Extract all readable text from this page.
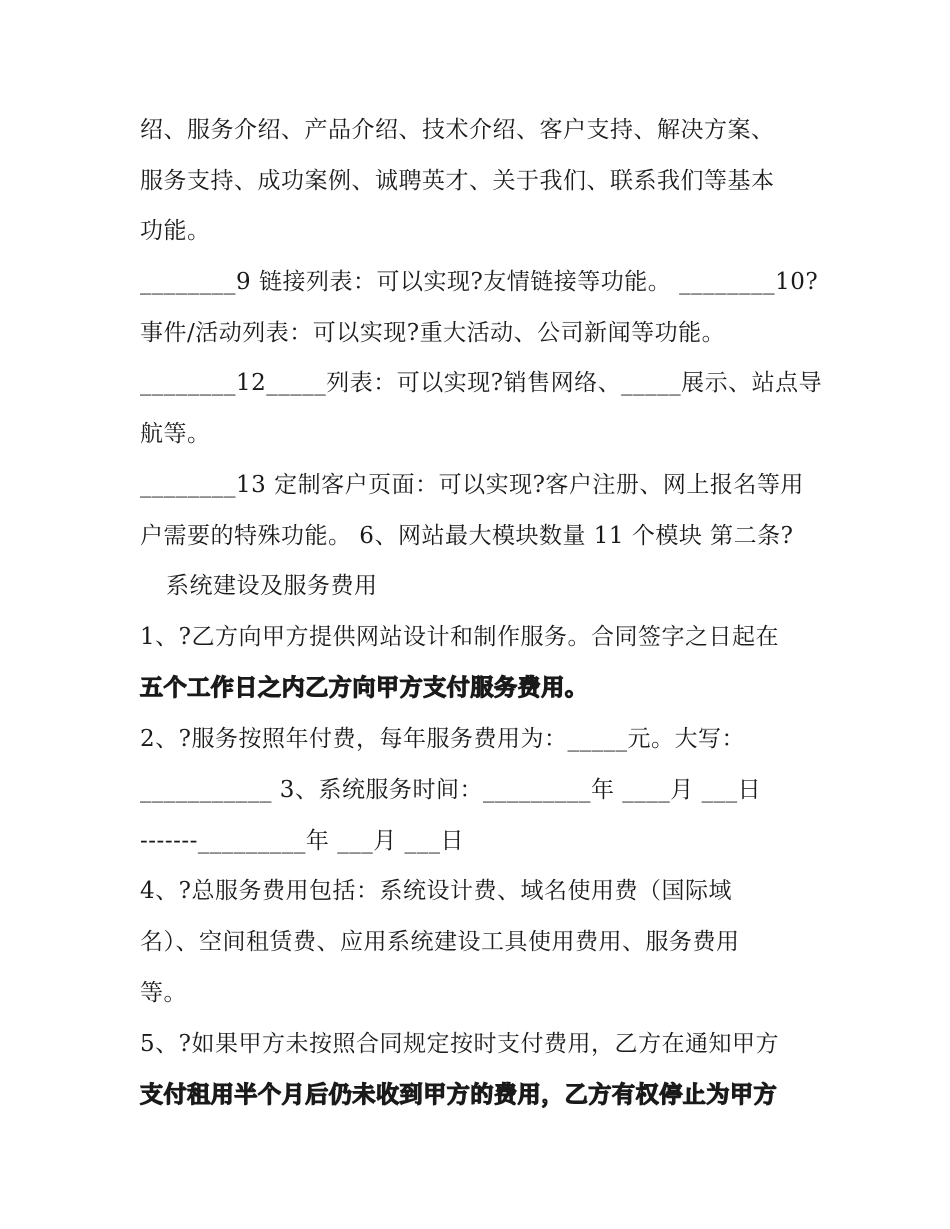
绍、服务介绍、产品介绍、技术介绍、客户支持、解决方案、
服务支持、成功案例、诚聘英才、关于我们、联系我们等基本
功能。
________9 链接列表：可以实现?友情链接等功能。 ________10?
事件/活动列表：可以实现?重大活动、公司新闻等功能。
________12_____列表：可以实现?销售网络、_____展示、站点导
航等。
________13 定制客户页面：可以实现?客户注册、网上报名等用
户需要的特殊功能。 6、网站最大模块数量 11 个模块 第二条?
系统建设及服务费用
1、?乙方向甲方提供网站设计和制作服务。合同签字之日起在
五个工作日之内乙方向甲方支付服务费用。
2、?服务按照年付费，每年服务费用为：_____元。大写：
___________ 3、系统服务时间：_________年 ____月 ___日
-------_________年 ___月 ___日
4、?总服务费用包括：系统设计费、域名使用费（国际域
名）、空间租赁费、应用系统建设工具使用费用、服务费用
等。
5、?如果甲方未按照合同规定按时支付费用，乙方在通知甲方
支付租用半个月后仍未收到甲方的费用，乙方有权停止为甲方
